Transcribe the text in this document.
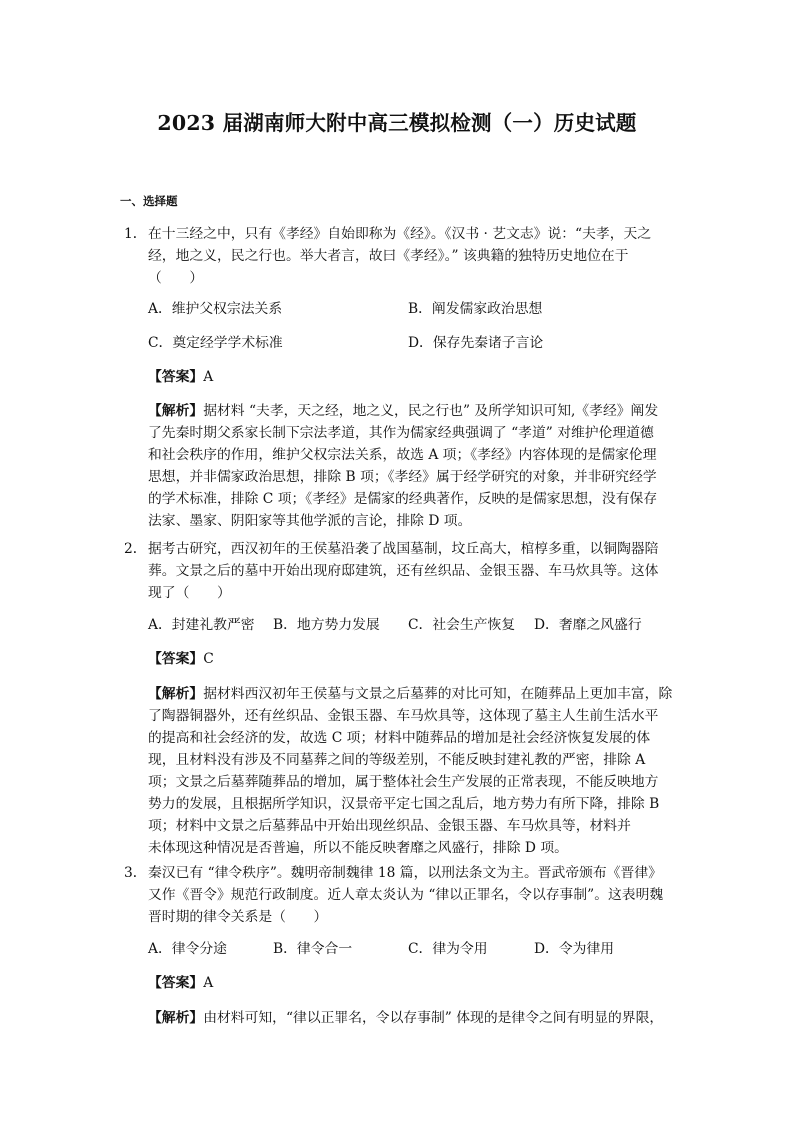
2023 届湖南师大附中高三模拟检测（一）历史试题
一、选择题
1． 在十三经之中，只有《孝经》自始即称为《经》。《汉书 · 艺文志》说：“夫孝，天之
经，地之义，民之行也。举大者言，故曰《孝经》。” 该典籍的独特历史地位在于
（　　）
A．维护父权宗法关系	B．阐发儒家政治思想
C．奠定经学学术标准	D．保存先秦诸子言论
【答案】A
【解析】据材料 “夫孝，天之经，地之义，民之行也” 及所学知识可知,《孝经》阐发
了先秦时期父系家长制下宗法孝道，其作为儒家经典强调了 “孝道” 对维护伦理道德
和社会秩序的作用，维护父权宗法关系，故选 A 项；《孝经》内容体现的是儒家伦理
思想，并非儒家政治思想，排除 B 项；《孝经》属于经学研究的对象，并非研究经学
的学术标准，排除 C 项；《孝经》是儒家的经典著作，反映的是儒家思想，没有保存
法家、墨家、阴阳家等其他学派的言论，排除 D 项。
2． 据考古研究，西汉初年的王侯墓沿袭了战国墓制，坟丘高大，棺椁多重，以铜陶器陪
葬。文景之后的墓中开始出现府邸建筑，还有丝织品、金银玉器、车马炊具等。这体
现了（　　）
A．封建礼教严密 B．地方势力发展 C．社会生产恢复 D．奢靡之风盛行
【答案】C
【解析】据材料西汉初年王侯墓与文景之后墓葬的对比可知，在随葬品上更加丰富，除
了陶器铜器外，还有丝织品、金银玉器、车马炊具等，这体现了墓主人生前生活水平
的提高和社会经济的发，故选 C 项；材料中随葬品的增加是社会经济恢复发展的体
现，且材料没有涉及不同墓葬之间的等级差别，不能反映封建礼教的严密，排除 A
项；文景之后墓葬随葬品的增加，属于整体社会生产发展的正常表现，不能反映地方
势力的发展，且根据所学知识，汉景帝平定七国之乱后，地方势力有所下降，排除 B
项；材料中文景之后墓葬品中开始出现丝织品、金银玉器、车马炊具等，材料并
未体现这种情况是否普遍，所以不能反映奢靡之风盛行，排除 D 项。
3． 秦汉已有 “律令秩序”。魏明帝制魏律 18 篇，以刑法条文为主。晋武帝颁布《晋律》
又作《晋令》规范行政制度。近人章太炎认为 “律以正罪名，令以存事制”。这表明魏
晋时期的律令关系是（　　）
A．律令分途	B．律令合一	C．律为令用	D．令为律用
【答案】A
【解析】由材料可知，“律以正罪名，令以存事制” 体现的是律令之间有明显的界限，
